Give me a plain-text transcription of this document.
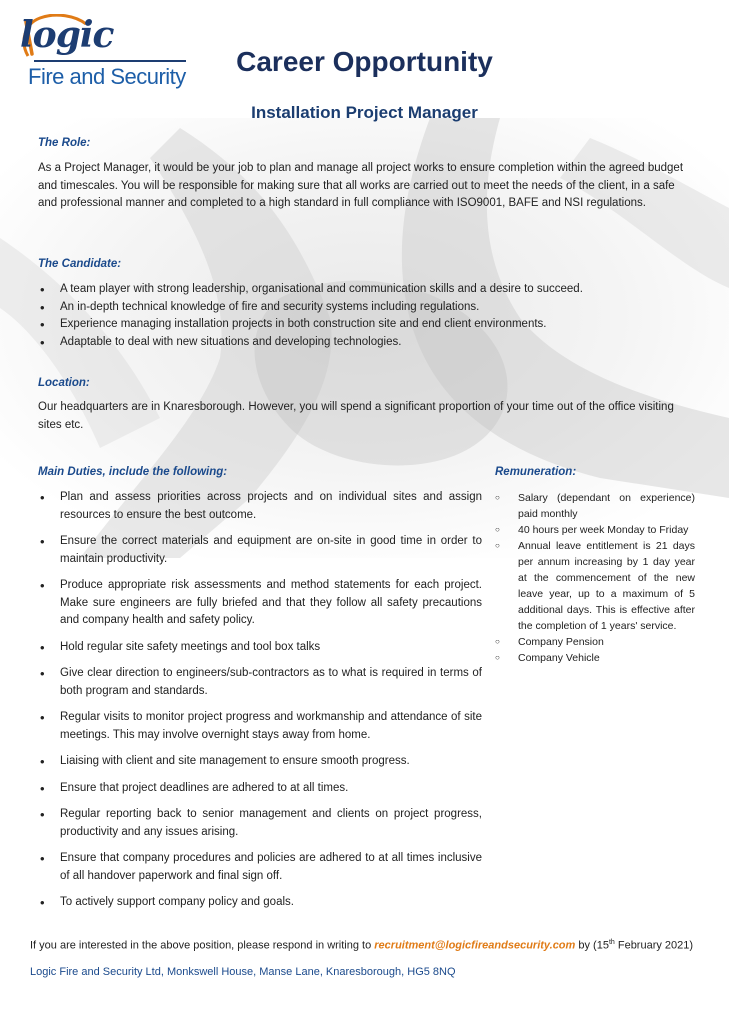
logic
Fire and Security	Career Opportunity
Installation Project Manager
The Role:
As a Project Manager, it would be your job to plan and manage all project works to ensure completion within the agreed budget and timescales. You will be responsible for making sure that all works are carried out to meet the needs of the client, in a safe and professional manner and completed to a high standard in full compliance with ISO9001, BAFE and NSI regulations.
The Candidate:
• A team player with strong leadership, organisational and communication skills and a desire to succeed.
• An in-depth technical knowledge of fire and security systems including regulations.
• Experience managing installation projects in both construction site and end client environments.
• Adaptable to deal with new situations and developing technologies.
Location:
Our headquarters are in Knaresborough. However, you will spend a significant proportion of your time out of the office visiting sites etc.
Main Duties, include the following:
• Plan and assess priorities across projects and on individual sites and assign resources to ensure the best outcome.
• Ensure the correct materials and equipment are on-site in good time in order to maintain productivity.
• Produce appropriate risk assessments and method statements for each project. Make sure engineers are fully briefed and that they follow all safety precautions and company health and safety policy.
• Hold regular site safety meetings and tool box talks
• Give clear direction to engineers/sub-contractors as to what is required in terms of both program and standards.
• Regular visits to monitor project progress and workmanship and attendance of site meetings. This may involve overnight stays away from home.
• Liaising with client and site management to ensure smooth progress.
• Ensure that project deadlines are adhered to at all times.
• Regular reporting back to senior management and clients on project progress, productivity and any issues arising.
• Ensure that company procedures and policies are adhered to at all times inclusive of all handover paperwork and final sign off.
• To actively support company policy and goals.
Remuneration:
○ Salary (dependant on experience) paid monthly
○ 40 hours per week Monday to Friday
○ Annual leave entitlement is 21 days per annum increasing by 1 day year at the commencement of the new leave year, up to a maximum of 5 additional days. This is effective after the completion of 1 years' service.
○ Company Pension
○ Company Vehicle
If you are interested in the above position, please respond in writing to recruitment@logicfireandsecurity.com by (15th February 2021)
Logic Fire and Security Ltd, Monkswell House, Manse Lane, Knaresborough, HG5 8NQ
